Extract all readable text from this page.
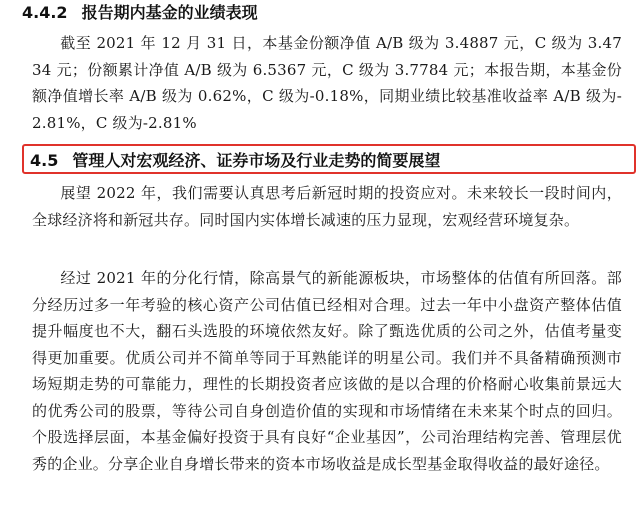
4.4.2 报告期内基金的业绩表现
截至 2021 年 12 月 31 日，本基金份额净值 A/B 级为 3.4887 元，C 级为 3.4734 元；份额累计净值 A/B 级为 6.5367 元，C 级为 3.7784 元；本报告期，本基金份额净值增长率 A/B 级为 0.62%，C 级为-0.18%，同期业绩比较基准收益率 A/B 级为-2.81%，C 级为-2.81%
4.5 管理人对宏观经济、证券市场及行业走势的简要展望
展望 2022 年，我们需要认真思考后新冠时期的投资应对。未来较长一段时间内，全球经济将和新冠共存。同时国内实体增长减速的压力显现，宏观经营环境复杂。
经过 2021 年的分化行情，除高景气的新能源板块，市场整体的估值有所回落。部分经历过多一年考验的核心资产公司估值已经相对合理。过去一年中小盘资产整体估值提升幅度也不大，翻石头选股的环境依然友好。除了甄选优质的公司之外，估值考量变得更加重要。优质公司并不简单等同于耳熟能详的明星公司。我们并不具备精确预测市场短期走势的可靠能力，理性的长期投资者应该做的是以合理的价格耐心收集前景远大的优秀公司的股票，等待公司自身创造价值的实现和市场情绪在未来某个时点的回归。个股选择层面，本基金偏好投资于具有良好“企业基因”，公司治理结构完善、管理层优秀的企业。分享企业自身增长带来的资本市场收益是成长型基金取得收益的最好途径。
